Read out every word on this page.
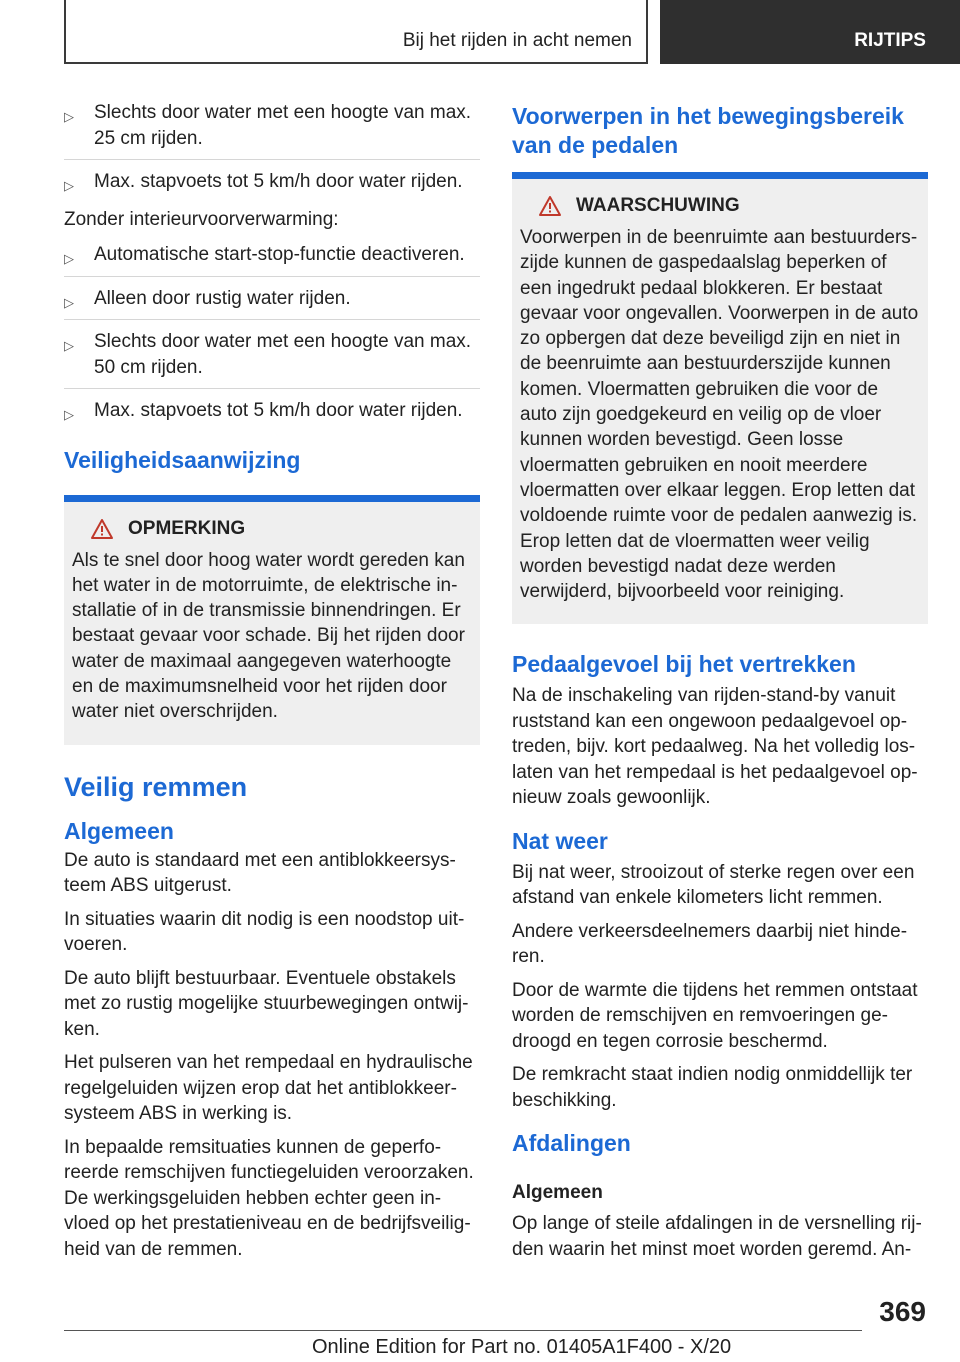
Bij het rijden in acht nemen	RIJTIPS
▷ Slechts door water met een hoogte van max. 25 cm rijden.
▷ Max. stapvoets tot 5 km/h door water rijden.

Zonder interieurvoorverwarming:

▷ Automatische start-stop-functie deactiveren.
▷ Alleen door rustig water rijden.
▷ Slechts door water met een hoogte van max. 50 cm rijden.
▷ Max. stapvoets tot 5 km/h door water rijden.
Veiligheidsaanwijzing
OPMERKING

Als te snel door hoog water wordt gereden kan het water in de motorruimte, de elektrische installatie of in de transmissie binnendringen. Er bestaat gevaar voor schade. Bij het rijden door water de maximaal aangegeven waterhoogte en de maximumsnelheid voor het rijden door water niet overschrijden.

Veilig remmen
Algemeen

De auto is standaard met een antiblokkeersysteem ABS uitgerust.

In situaties waarin dit nodig is een noodstop uitvoeren.

De auto blijft bestuurbaar. Eventuele obstakels met zo rustig mogelijke stuurbewegingen ontwijken.

Het pulseren van het rempedaal en hydraulische regelgeluiden wijzen erop dat het antiblokkeersysteem ABS in werking is.

In bepaalde remsituaties kunnen de geperforeerde remschijven functiegeluiden veroorzaken. De werkingsgeluiden hebben echter geen invloed op het prestatieniveau en de bedrijfsveiligheid van de remmen.

Voorwerpen in het bewegingsbereik van de pedalen
WAARSCHUWING

Voorwerpen in de beenruimte aan bestuurderszijde kunnen de gaspedaalslag beperken of een ingedrukt pedaal blokkeren. Er bestaat gevaar voor ongevallen. Voorwerpen in de auto zo opbergen dat deze beveiligd zijn en niet in de beenruimte aan bestuurderszijde kunnen komen. Vloermatten gebruiken die voor de auto zijn goedgekeurd en veilig op de vloer kunnen worden bevestigd. Geen losse vloermatten gebruiken en nooit meerdere vloermatten over elkaar leggen. Erop letten dat voldoende ruimte voor de pedalen aanwezig is. Erop letten dat de vloermatten weer veilig worden bevestigd nadat deze werden verwijderd, bijvoorbeeld voor reiniging.

Pedaalgevoel bij het vertrekken

Na de inschakeling van rijden-stand-by vanuit ruststand kan een ongewoon pedaalgevoel optreden, bijv. kort pedaalweg. Na het volledig loslaten van het rempedaal is het pedaalgevoel opnieuw zoals gewoonlijk.

Nat weer

Bij nat weer, strooizout of sterke regen over een afstand van enkele kilometers licht remmen.

Andere verkeersdeelnemers daarbij niet hinderen.

Door de warmte die tijdens het remmen ontstaat worden de remschijven en remvoeringen gedroogd en tegen corrosie beschermd.

De remkracht staat indien nodig onmiddellijk ter beschikking.

Afdalingen
Algemeen

Op lange of steile afdalingen in de versnelling rijden waarin het minst moet worden geremd. An-

369
Online Edition for Part no. 01405A1F400 - X/20
